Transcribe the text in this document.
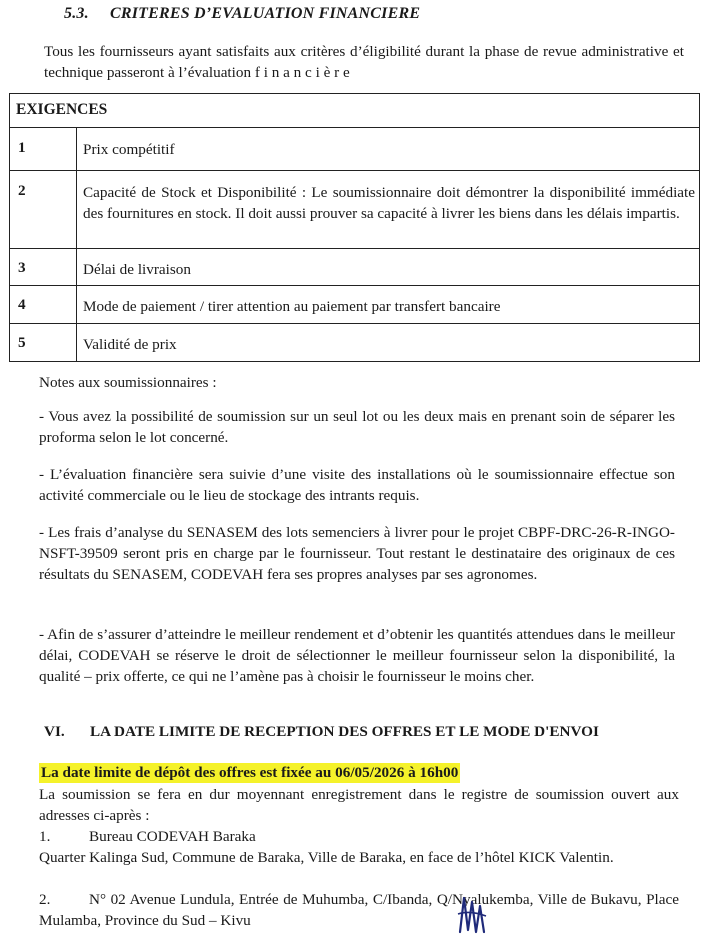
5.3. CRITERES D’EVALUATION FINANCIERE
Tous les fournisseurs ayant satisfaits aux critères d’éligibilité durant la phase de revue administrative et technique passeront à l’évaluation f i n a n c i è r e
EXIGENCES	
1	Prix compétitif
2	Capacité de Stock et Disponibilité : Le soumissionnaire doit démontrer la disponibilité immédiate des fournitures en stock. Il doit aussi prouver sa capacité à livrer les biens dans les délais impartis.
3	Délai de livraison
4	Mode de paiement / tirer attention au paiement par transfert bancaire
5	Validité de prix
Notes aux soumissionnaires :
- Vous avez la possibilité de soumission sur un seul lot ou les deux mais en prenant soin de séparer les proforma selon le lot concerné.
- L’évaluation financière sera suivie d’une visite des installations où le soumissionnaire effectue son activité commerciale ou le lieu de stockage des intrants requis.
- Les frais d’analyse du SENASEM des lots semenciers à livrer pour le projet CBPF-DRC-26-R-INGO-NSFT-39509 seront pris en charge par le fournisseur. Tout restant le destinataire des originaux de ces résultats du SENASEM, CODEVAH fera ses propres analyses par ses agronomes.
- Afin de s’assurer d’atteindre le meilleur rendement et d’obtenir les quantités attendues dans le meilleur délai, CODEVAH se réserve le droit de sélectionner le meilleur fournisseur selon la disponibilité, la qualité – prix offerte, ce qui ne l’amène pas à choisir le fournisseur le moins cher.
VI. LA DATE LIMITE DE RECEPTION DES OFFRES ET LE MODE D'ENVOI
La date limite de dépôt des offres est fixée au 06/05/2026 à 16h00
La soumission se fera en dur moyennant enregistrement dans le registre de soumission ouvert aux adresses ci-après :
1.	Bureau CODEVAH Baraka
Quarter Kalinga Sud, Commune de Baraka, Ville de Baraka, en face de l’hôtel KICK Valentin.
2.	N° 02 Avenue Lundula, Entrée de Muhumba, C/Ibanda, Q/Nyalukemba, Ville de Bukavu, Place Mulamba, Province du Sud – Kivu
